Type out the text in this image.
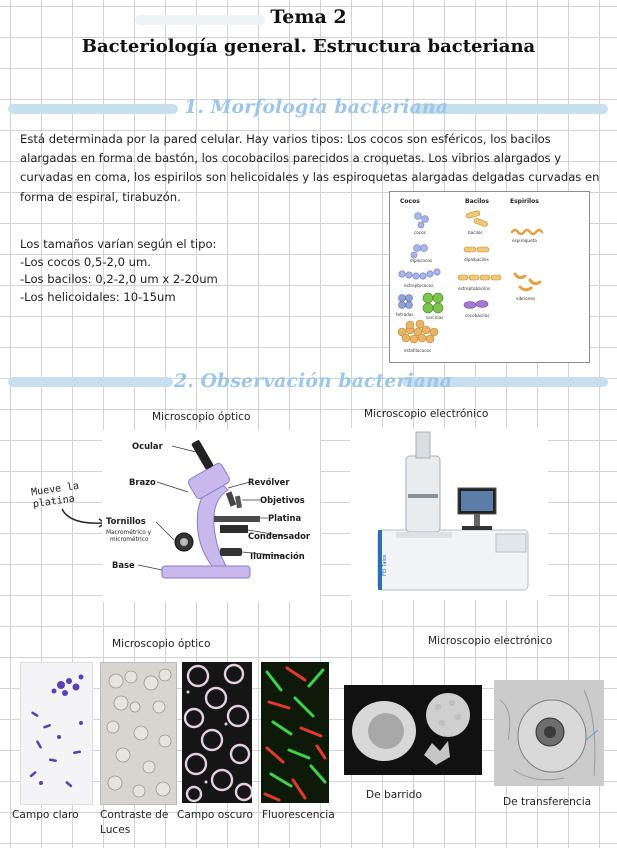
Tema 2
Bacteriología general. Estructura bacteriana
1. Morfología bacteriana
Está determinada por la pared celular. Hay varios tipos: Los cocos son esféricos, los bacilos alargadas en forma de bastón, los cocobacilos parecidos a croquetas. Los vibrios alargados y curvadas en coma, los espirilos son helicoidales y las espiroquetas alargadas delgadas curvadas en forma de espiral, tirabuzón.
Los tamaños varían según el tipo:
-Los cocos 0,5-2,0 um.
-Los bacilos: 0,2-2,0 um x 2-20um
-Los helicoidales: 10-15um
Cocos	Bacilos	Espirilos
cocos
diplococos
estreptococos
tetradas
sarcinas
estafilococos
bacilos
diplobacilos
estreptobacilos
cocobacilos
espiroqueta
vibriones
2. Observación bacteriana
Microscopio óptico	Microscopio electrónico
Mueve la
platina
Ocular
Brazo	Revólver
Objetivos
Platina
Tornillos
Macrométrico y
micrométrico	Condensador
Iluminación
Base	FEI Talos
Microscopio óptico	Microscopio electrónico
Campo claro Contraste de
Luces
Campo oscuro Fluorescencia
De barrido
De transferencia
